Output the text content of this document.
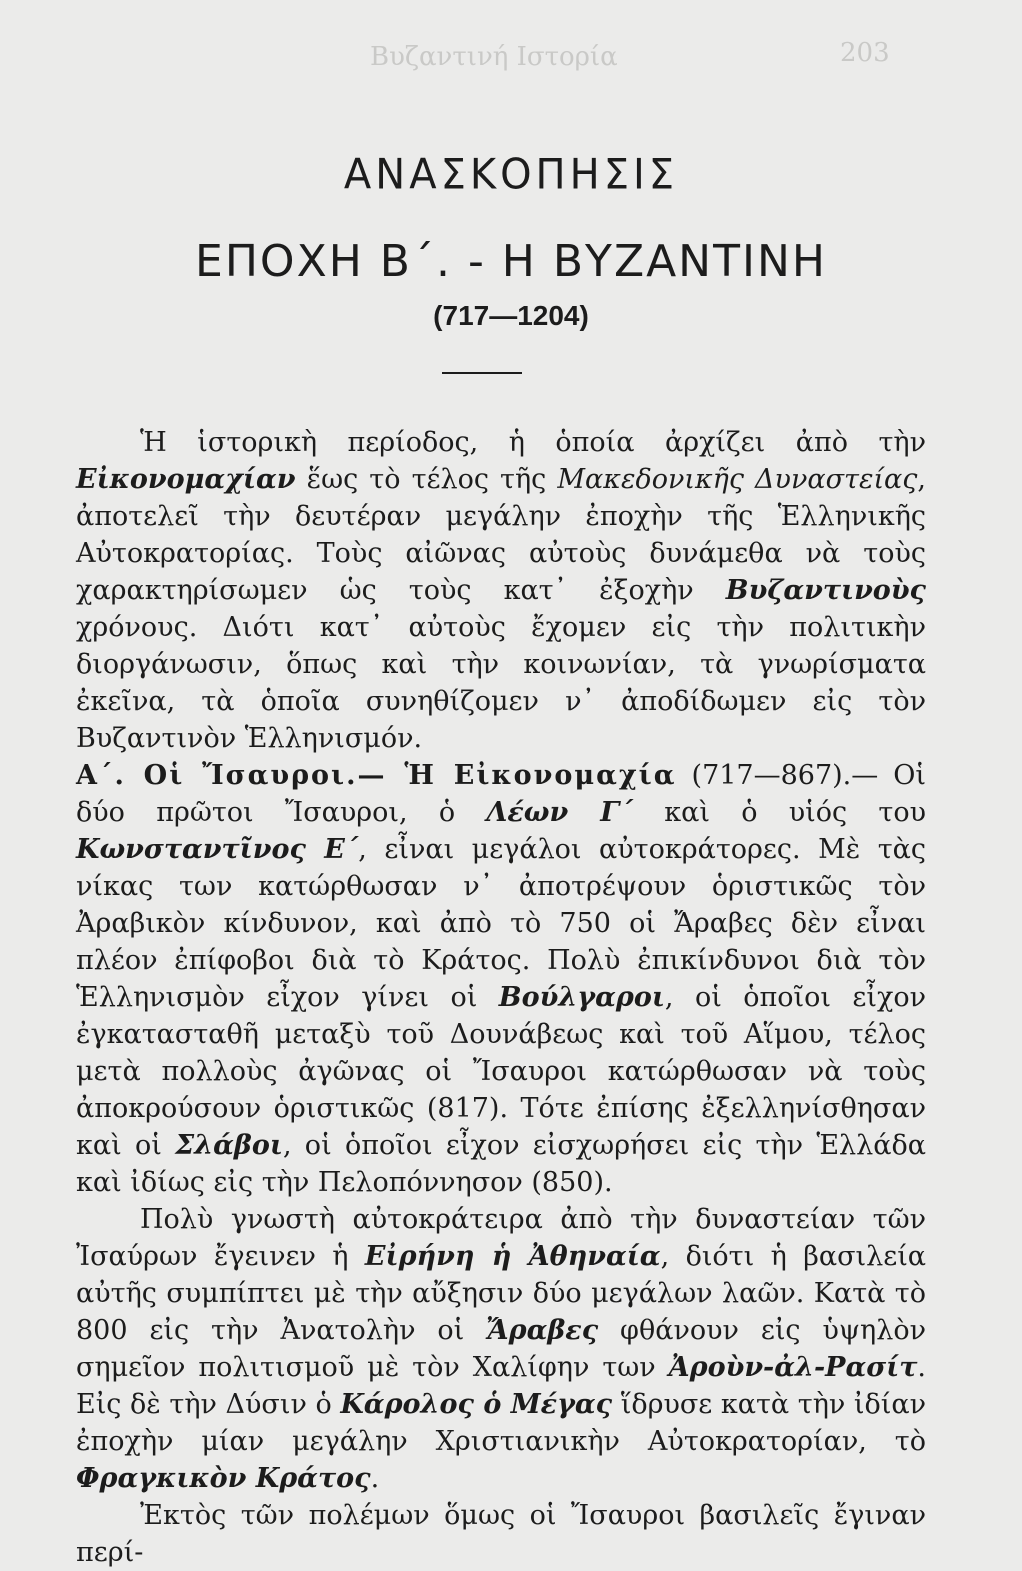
Βυζαντινή Ιστορία	203
ΑΝΑΣΚΟΠΗΣΙΣ
ΕΠΟΧΗ Β΄. - Η ΒΥΖΑΝΤΙΝΗ
(717—1204)

Ἡ ἱστορικὴ περίοδος, ἡ ὁποία ἀρχίζει ἀπὸ τὴν Εἰκονομαχίαν ἕως τὸ τέλος τῆς Μακεδονικῆς Δυναστείας, ἀποτελεῖ τὴν δευτέραν μεγάλην ἐποχὴν τῆς Ἑλληνικῆς Αὐτοκρατορίας. Τοὺς αἰῶνας αὐτοὺς δυνάμεθα νὰ τοὺς χαρακτηρίσωμεν ὡς τοὺς κατ᾽ ἐξοχὴν Βυζαντινοὺς χρόνους. Διότι κατ᾽ αὐτοὺς ἔχομεν εἰς τὴν πολιτικὴν διοργάνωσιν, ὅπως καὶ τὴν κοινωνίαν, τὰ γνωρίσματα ἐκεῖνα, τὰ ὁποῖα συνηθίζομεν ν᾽ ἀποδίδωμεν εἰς τὸν Βυζαντινὸν Ἑλληνισμόν.

Α΄. Οἱ Ἴσαυροι.— Ἡ Εἰκονομαχία (717—867).— Οἱ δύο πρῶτοι Ἴσαυροι, ὁ Λέων Γ΄ καὶ ὁ υἱός του Κωνσταντῖνος Ε΄, εἶναι μεγάλοι αὐτοκράτορες. Μὲ τὰς νίκας των κατώρθωσαν ν᾽ ἀποτρέψουν ὁριστικῶς τὸν Ἀραβικὸν κίνδυνον, καὶ ἀπὸ τὸ 750 οἱ Ἄραβες δὲν εἶναι πλέον ἐπίφοβοι διὰ τὸ Κράτος. Πολὺ ἐπικίνδυνοι διὰ τὸν Ἑλληνισμὸν εἶχον γίνει οἱ Βούλγαροι, οἱ ὁποῖοι εἶχον ἐγκατασταθῆ μεταξὺ τοῦ Δουνάβεως καὶ τοῦ Αἵμου, τέλος μετὰ πολλοὺς ἀγῶνας οἱ Ἴσαυροι κατώρθωσαν νὰ τοὺς ἀποκρούσουν ὁριστικῶς (817). Τότε ἐπίσης ἐξελληνίσθησαν καὶ οἱ Σλάβοι, οἱ ὁποῖοι εἶχον εἰσχωρήσει εἰς τὴν Ἑλλάδα καὶ ἰδίως εἰς τὴν Πελοπόννησον (850).

Πολὺ γνωστὴ αὐτοκράτειρα ἀπὸ τὴν δυναστείαν τῶν Ἰσαύρων ἔγεινεν ἡ Εἰρήνη ἡ Ἀθηναία, διότι ἡ βασιλεία αὐτῆς συμπίπτει μὲ τὴν αὔξησιν δύο μεγάλων λαῶν. Κατὰ τὸ 800 εἰς τὴν Ἀνατολὴν οἱ Ἄραβες φθάνουν εἰς ὑψηλὸν σημεῖον πολιτισμοῦ μὲ τὸν Χαλίφην των Ἀροὺν-ἀλ-Ρασίτ. Εἰς δὲ τὴν Δύσιν ὁ Κάρολος ὁ Μέγας ἵδρυσε κατὰ τὴν ἰδίαν ἐποχὴν μίαν μεγάλην Χριστιανικὴν Αὐτοκρατορίαν, τὸ Φραγκικὸν Κράτος.

Ἐκτὸς τῶν πολέμων ὅμως οἱ Ἴσαυροι βασιλεῖς ἔγιναν περί-
